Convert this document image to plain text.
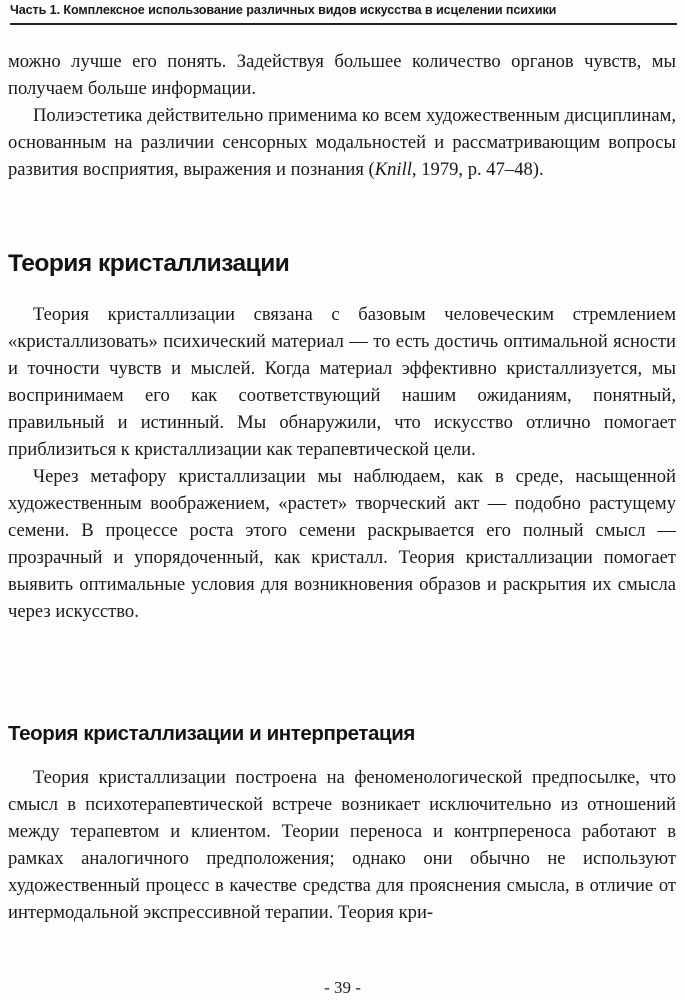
Часть 1. Комплексное использование различных видов искусства в исцелении психики

можно лучше его понять. Задействуя большее количество органов чувств, мы получаем больше информации.

Полиэстетика действительно применима ко всем художественным дисциплинам, основанным на различии сенсорных модальностей и рассматривающим вопросы развития восприятия, выражения и познания (Knill, 1979, p. 47–48).

Теория кристаллизации

Теория кристаллизации связана с базовым человеческим стремлением «кристаллизовать» психический материал — то есть достичь оптимальной ясности и точности чувств и мыслей. Когда материал эффективно кристаллизуется, мы воспринимаем его как соответствующий нашим ожиданиям, понятный, правильный и истинный. Мы обнаружили, что искусство отлично помогает приблизиться к кристаллизации как терапевтической цели.

Через метафору кристаллизации мы наблюдаем, как в среде, насыщенной художественным воображением, «растет» творческий акт — подобно растущему семени. В процессе роста этого семени раскрывается его полный смысл — прозрачный и упорядоченный, как кристалл. Теория кристаллизации помогает выявить оптимальные условия для возникновения образов и раскрытия их смысла через искусство.

Теория кристаллизации и интерпретация

Теория кристаллизации построена на феноменологической предпосылке, что смысл в психотерапевтической встрече возникает исключительно из отношений между терапевтом и клиентом. Теории переноса и контрпереноса работают в рамках аналогичного предположения; однако они обычно не используют художественный процесс в качестве средства для прояснения смысла, в отличие от интермодальной экспрессивной терапии. Теория кри-

- 39 -
